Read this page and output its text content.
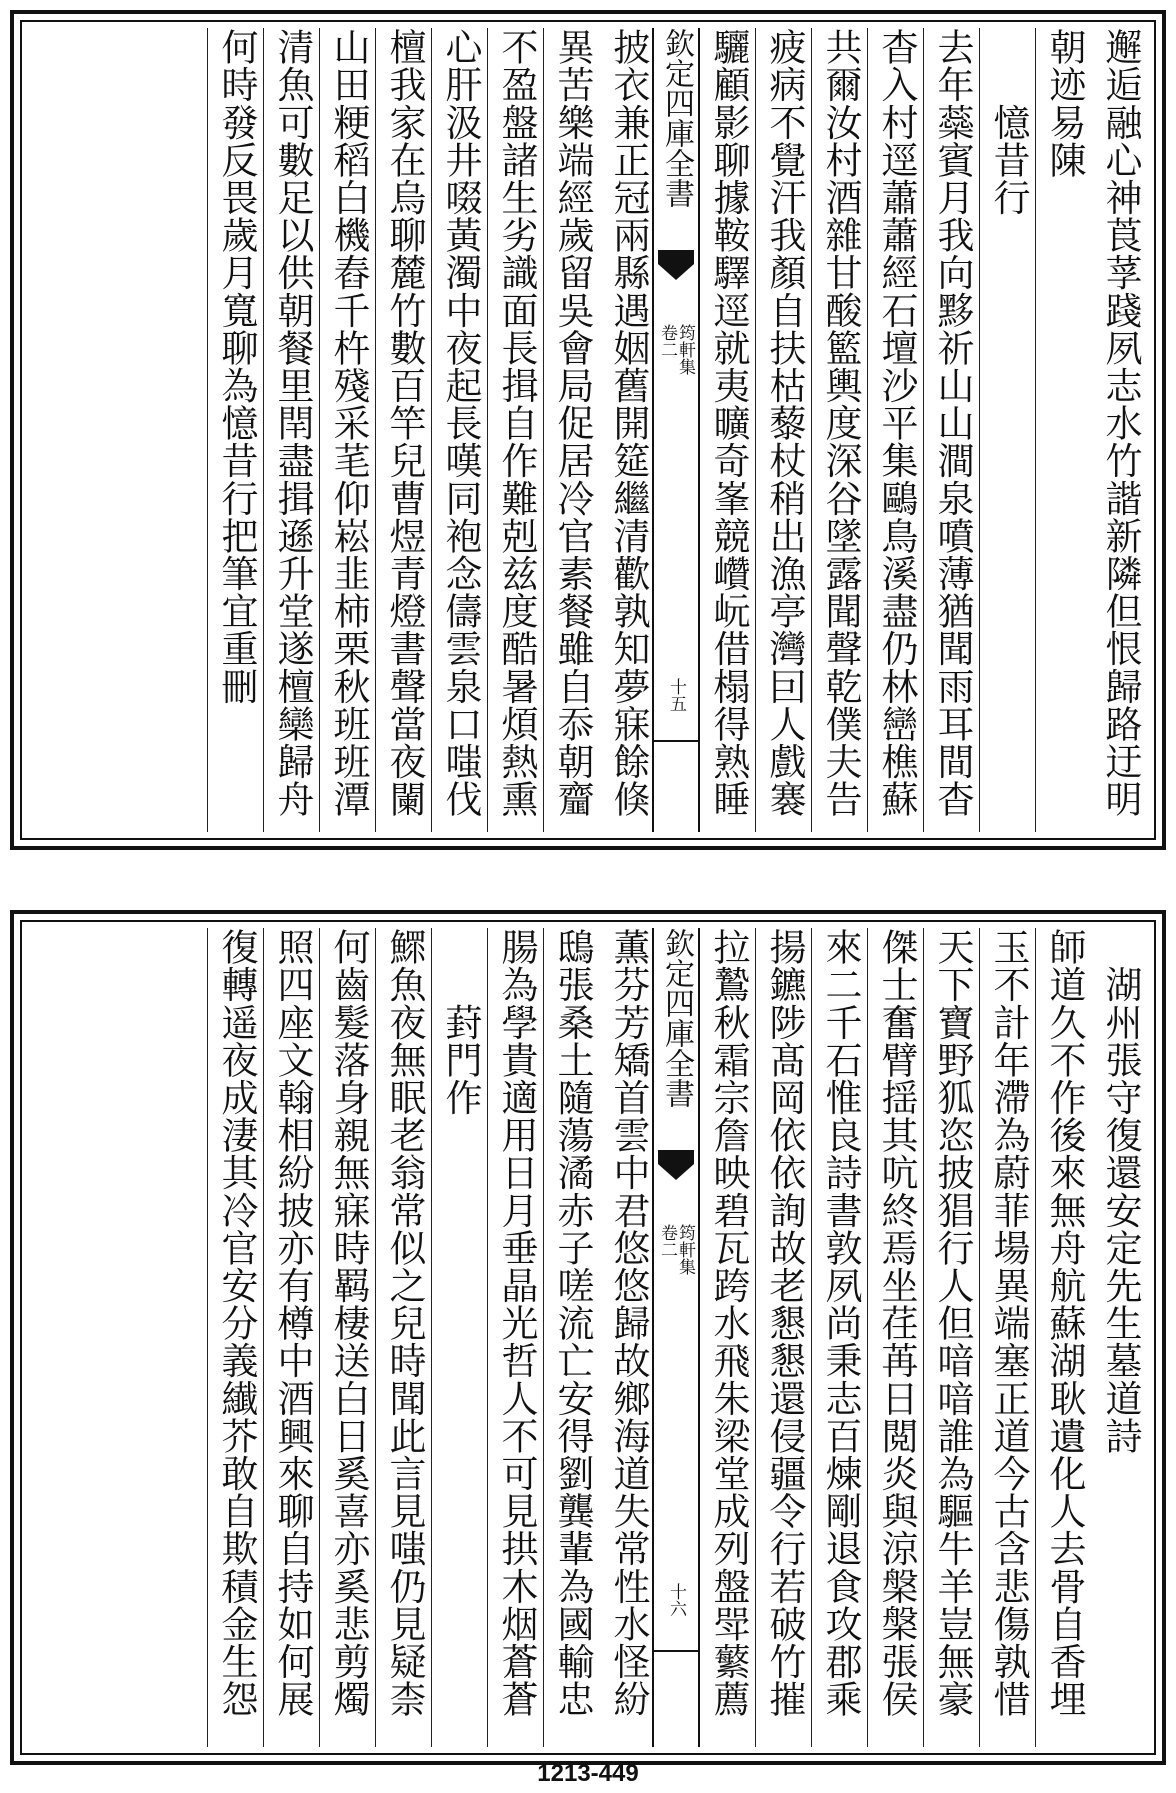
邂逅融心神莨莩踐夙志水竹諧新隣但恨歸路迂明
朝迹易陳
　　憶昔行
去年蘂賓月我向黟祈山山澗泉噴薄猶聞雨耳間杳
杳入村逕蕭蕭經石壇沙平集鷗鳥溪盡仍林巒樵蘇
共爾汝村酒雜甘酸籃輿度深谷墜露聞聲乾僕夫告
疲病不覺汗我顏自扶枯藜杖稍出漁亭灣囙人戲褰
驪顧影聊據鞍驛逕就夷曠奇峯競巑岏借榻得熟睡
欽定四庫全書
筠軒集
卷二
十五
披衣兼正冠兩縣遇姻舊開筵繼清歡孰知夢寐餘倏
異苦樂端經歲留吳會局促居冷官素餐雖自忝朝齏
不盈盤諸生劣識面長揖自作難剋兹度酷暑煩熱熏
心肝汲井啜黃濁中夜起長嘆同袍念儔雲泉口嗤伐
檀我家在烏聊麓竹數百竿兒曹煜青燈書聲當夜闌
山田粳稻白機舂千杵殘采芼仰崧韭柿栗秋班班潭
清魚可數足以供朝餐里閈盡揖遜升堂遂檀欒歸舟
何時發反畏歲月寬聊為憶昔行把筆宜重刪
　湖州張守復還安定先生墓道詩
師道久不作後來無舟航蘇湖耿遺化人去骨自香埋
玉不計年滯為蔚菲場異端塞正道今古含悲傷孰惜
天下寶野狐恣披猖行人但喑喑誰為驅牛羊豈無豪
傑士奮臂揺其吭終焉坐荏苒日閲炎與涼槃槃張侯
來二千石惟良詩書敦夙尚秉志百煉剛退食攻郡乘
揚鑣陟髙岡依依詢故老懇懇還侵疆令行若破竹摧
拉鷙秋霜宗詹映碧瓦跨水飛朱梁堂成列盤斝蘩薦
欽定四庫全書
筠軒集
卷二
十六
薫芬芳矯首雲中君悠悠歸故鄉海道失常性水怪紛
鴟張桑土隨蕩潏赤子嗟流亡安得劉龔輩為國輸忠
腸為學貴適用日月垂晶光哲人不可見拱木烟蒼蒼
　　葑門作
鰥魚夜無眠老翁常似之兒時聞此言見嗤仍見疑柰
何齒髮落身親無寐時羁棲送白日奚喜亦奚悲剪燭
照四座文翰相紛披亦有樽中酒興來聊自持如何展
復轉遥夜成淒其冷官安分義纎芥敢自欺積金生怨
1213-449
